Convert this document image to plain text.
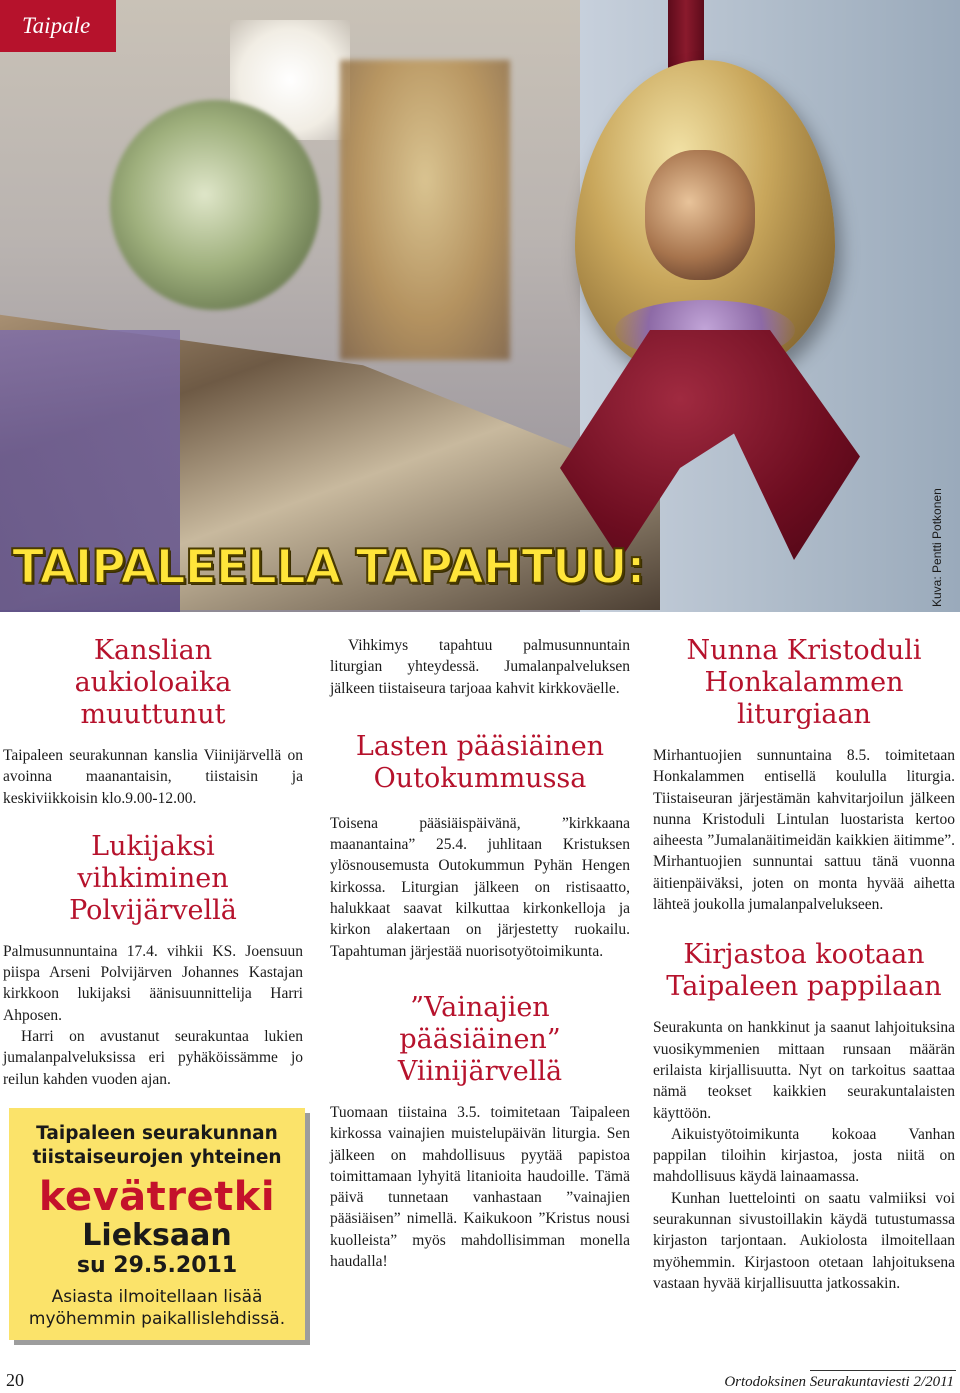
Taipale
TAIPALEELLA TAPAHTUU:	Kuva: Pentti Potkonen
Kanslian aukioloaika muuttunut

Taipaleen seurakunnan kanslia Viinijärvellä on avoinna maanantaisin, tiistaisin ja keskiviikkoisin klo.9.00-12.00.

Lukijaksi vihkiminen Polvijärvellä

Palmusunnuntaina 17.4. vihkii KS. Joensuun piispa Arseni Polvijärven Johannes Kastajan kirkkoon lukijaksi äänisuunnittelija Harri Ahposen.

Harri on avustanut seurakuntaa lukien jumalanpalveluksissa eri pyhäköissämme jo reilun kahden vuoden ajan.

Taipaleen seurakunnan tiistaiseurojen yhteinen
kevätretki
Lieksaan
su 29.5.2011
Asiasta ilmoitellaan lisää myöhemmin paikallislehdissä.

Vihkimys tapahtuu palmusunnuntain liturgian yhteydessä. Jumalanpalveluksen jälkeen tiistaiseura tarjoaa kahvit kirkkoväelle.

Lasten pääsiäinen Outokummussa

Toisena pääsiäispäivänä, ”kirkkaana maanantaina” 25.4. juhlitaan Kristuksen ylösnousemusta Outokummun Pyhän Hengen kirkossa. Liturgian jälkeen on ristisaatto, halukkaat saavat kilkuttaa kirkonkelloja ja kirkon alakertaan on järjestetty ruokailu. Tapahtuman järjestää nuorisotyötoimikunta.

”Vainajien pääsiäinen” Viinijärvellä

Tuomaan tiistaina 3.5. toimitetaan Taipaleen kirkossa vainajien muistelupäivän liturgia. Sen jälkeen on mahdollisuus pyytää papistoa toimittamaan lyhyitä litanioita haudoille. Tämä päivä tunnetaan vanhastaan ”vainajien pääsiäisen” nimellä. Kaikukoon ”Kristus nousi kuolleista” myös mahdollisimman monella haudalla!

Nunna Kristoduli Honkalammen liturgiaan

Mirhantuojien sunnuntaina 8.5. toimitetaan Honkalammen entisellä koululla liturgia. Tiistaiseuran järjestämän kahvitarjoilun jälkeen nunna Kristoduli Lintulan luostarista kertoo aiheesta ”Jumalanäitimeidän kaikkien äitimme”. Mirhantuojien sunnuntai sattuu tänä vuonna äitienpäiväksi, joten on monta hyvää aihetta lähteä joukolla jumalanpalvelukseen.

Kirjastoa kootaan Taipaleen pappilaan

Seurakunta on hankkinut ja saanut lahjoituksina vuosikymmenien mittaan runsaan määrän erilaista kirjallisuutta. Nyt on tarkoitus saattaa nämä teokset kaikkien seurakuntalaisten käyttöön.

Aikuistyötoimikunta kokoaa Vanhan pappilan tiloihin kirjastoa, josta niitä on mahdollisuus käydä lainaamassa.

Kunhan luettelointi on saatu valmiiksi voi seurakunnan sivustoillakin käydä tutustumassa kirjaston tarjontaan. Aukiolosta ilmoitellaan myöhemmin. Kirjastoon otetaan lahjoituksena vastaan hyvää kirjallisuutta jatkossakin.

20	Ortodoksinen Seurakuntaviesti 2/2011
